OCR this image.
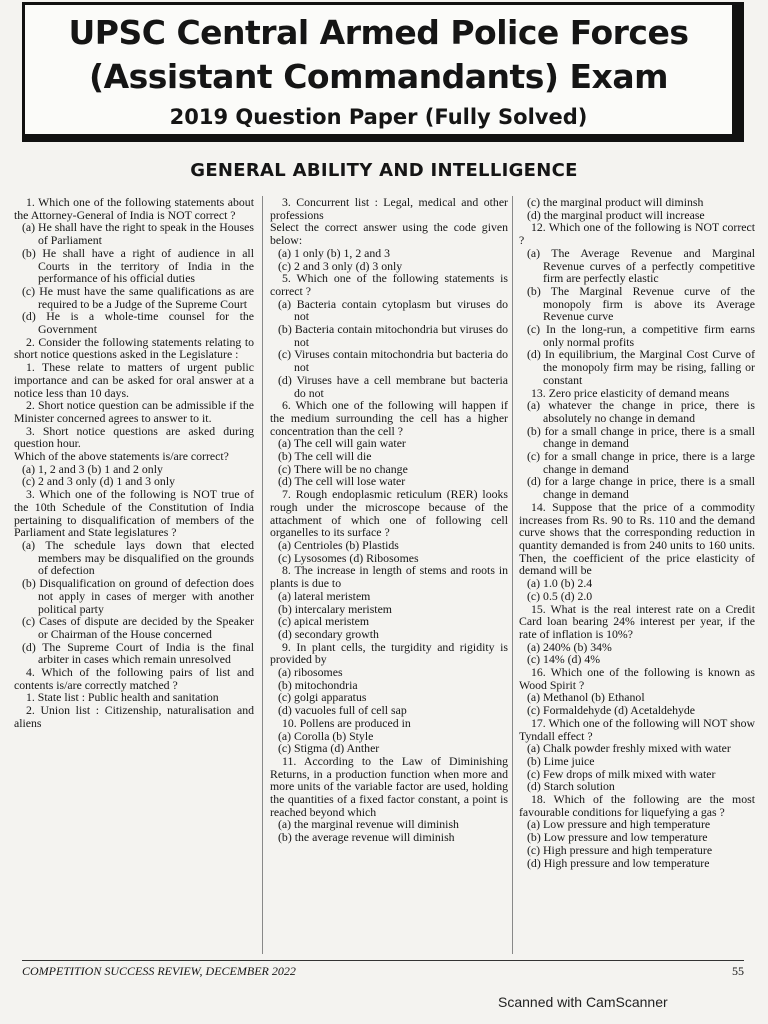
UPSC Central Armed Police Forces
(Assistant Commandants) Exam
2019 Question Paper (Fully Solved)
GENERAL ABILITY AND INTELLIGENCE

1. Which one of the following statements about the Attorney-General of India is NOT correct ?

(a) He shall have the right to speak in the Houses of Parliament

(b) He shall have a right of audience in all Courts in the territory of India in the performance of his official duties

(c) He must have the same qualifications as are required to be a Judge of the Supreme Court

(d) He is a whole-time counsel for the Government

2. Consider the following statements relating to short notice questions asked in the Legislature :

1. These relate to matters of urgent public importance and can be asked for oral answer at a notice less than 10 days.

2. Short notice question can be admissible if the Minister concerned agrees to answer to it.

3. Short notice questions are asked during question hour.

Which of the above statements is/are correct?

(a) 1, 2 and 3 (b) 1 and 2 only

(c) 2 and 3 only (d) 1 and 3 only

3. Which one of the following is NOT true of the 10th Schedule of the Constitution of India pertaining to disqualification of members of the Parliament and State legislatures ?

(a) The schedule lays down that elected members may be disqualified on the grounds of defection

(b) Disqualification on ground of defection does not apply in cases of merger with another political party

(c) Cases of dispute are decided by the Speaker or Chairman of the House concerned

(d) The Supreme Court of India is the final arbiter in cases which remain unresolved

4. Which of the following pairs of list and contents is/are correctly matched ?

1. State list : Public health and sanitation

2. Union list : Citizenship, naturalisation and aliens

3. Concurrent list : Legal, medical and other professions

Select the correct answer using the code given below:

(a) 1 only (b) 1, 2 and 3

(c) 2 and 3 only (d) 3 only

5. Which one of the following statements is correct ?

(a) Bacteria contain cytoplasm but viruses do not

(b) Bacteria contain mitochondria but viruses do not

(c) Viruses contain mitochondria but bacteria do not

(d) Viruses have a cell membrane but bacteria do not

6. Which one of the following will happen if the medium surrounding the cell has a higher concentration than the cell ?

(a) The cell will gain water

(b) The cell will die

(c) There will be no change

(d) The cell will lose water

7. Rough endoplasmic reticulum (RER) looks rough under the microscope because of the attachment of which one of following cell organelles to its surface ?

(a) Centrioles (b) Plastids

(c) Lysosomes (d) Ribosomes

8. The increase in length of stems and roots in plants is due to

(a) lateral meristem

(b) intercalary meristem

(c) apical meristem

(d) secondary growth

9. In plant cells, the turgidity and rigidity is provided by

(a) ribosomes

(b) mitochondria

(c) golgi apparatus

(d) vacuoles full of cell sap

10. Pollens are produced in

(a) Corolla (b) Style

(c) Stigma (d) Anther

11. According to the Law of Diminishing Returns, in a production function when more and more units of the variable factor are used, holding the quantities of a fixed factor constant, a point is reached beyond which

(a) the marginal revenue will diminish

(b) the average revenue will diminish

(c) the marginal product will diminsh

(d) the marginal product will increase

12. Which one of the following is NOT correct ?

(a) The Average Revenue and Marginal Revenue curves of a perfectly competitive firm are perfectly elastic

(b) The Marginal Revenue curve of the monopoly firm is above its Average Revenue curve

(c) In the long-run, a competitive firm earns only normal profits

(d) In equilibrium, the Marginal Cost Curve of the monopoly firm may be rising, falling or constant

13. Zero price elasticity of demand means

(a) whatever the change in price, there is absolutely no change in demand

(b) for a small change in price, there is a small change in demand

(c) for a small change in price, there is a large change in demand

(d) for a large change in price, there is a small change in demand

14. Suppose that the price of a commodity increases from Rs. 90 to Rs. 110 and the demand curve shows that the corresponding reduction in quantity demanded is from 240 units to 160 units. Then, the coefficient of the price elasticity of demand will be

(a) 1.0 (b) 2.4

(c) 0.5 (d) 2.0

15. What is the real interest rate on a Credit Card loan bearing 24% interest per year, if the rate of inflation is 10%?

(a) 240% (b) 34%

(c) 14% (d) 4%

16. Which one of the following is known as Wood Spirit ?

(a) Methanol (b) Ethanol

(c) Formaldehyde (d) Acetaldehyde

17. Which one of the following will NOT show Tyndall effect ?

(a) Chalk powder freshly mixed with water

(b) Lime juice

(c) Few drops of milk mixed with water

(d) Starch solution

18. Which of the following are the most favourable conditions for liquefying a gas ?

(a) Low pressure and high temperature

(b) Low pressure and low temperature

(c) High pressure and high temperature

(d) High pressure and low temperature

COMPETITION SUCCESS REVIEW, DECEMBER 2022	55
Scanned with CamScanner
